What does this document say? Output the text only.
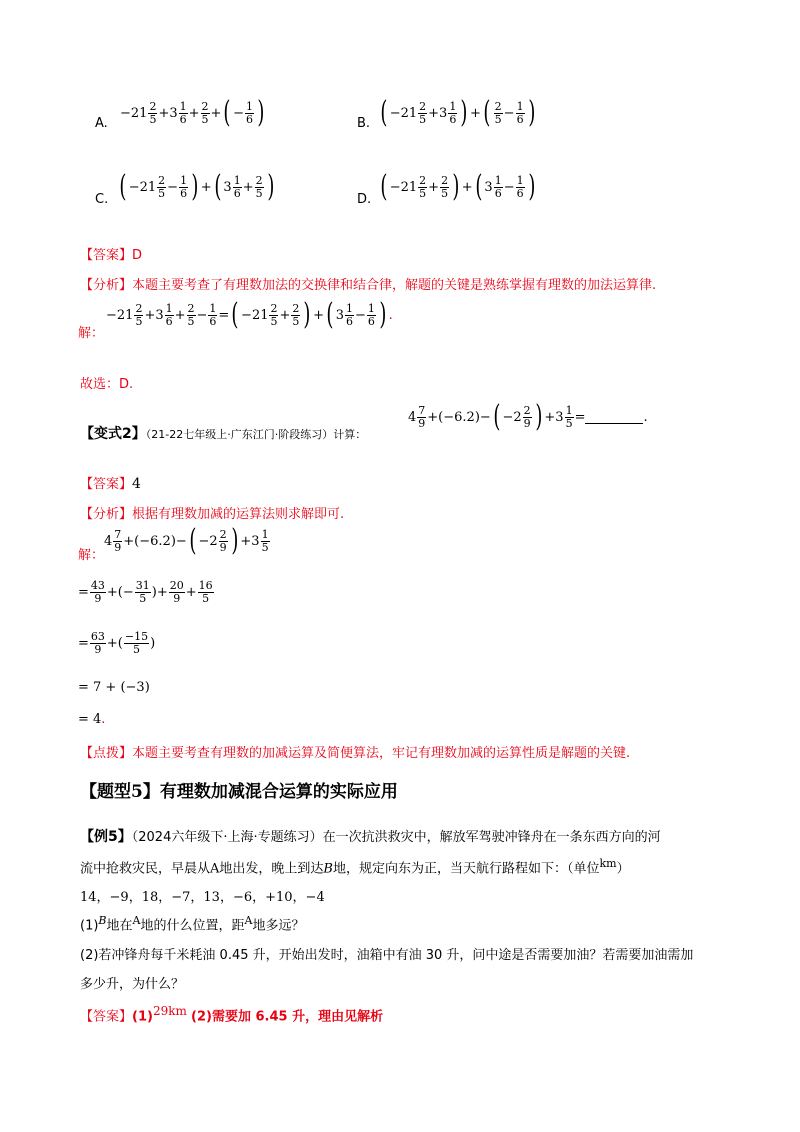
A.
$-21 \frac{2}{5} +3 \frac{1}{6} + \frac{2}{5}$ + ( − $\frac{1}{6}$ )	B. ( $-21 \frac{2}{5} +3 \frac{1}{6}$ ) + ( $\frac{2}{5} - \frac{1}{6}$ )
C. ( $-21 \frac{2}{5} - \frac{1}{6}$ ) + ( $3 \frac{1}{6} + \frac{2}{5}$ )	D. ( $-21 \frac{2}{5} + \frac{2}{5}$ ) + ( $3 \frac{1}{6} - \frac{1}{6}$ )
【答案】D
【分析】本题主要考查了有理数加法的交换律和结合律，解题的关键是熟练掌握有理数的加法运算律.
解：
$-21 \frac{2}{5} +3 \frac{1}{6} + \frac{2}{5} - \frac{1}{6}$ = ( $-21 \frac{2}{5} + \frac{2}{5}$ ) + ( $3 \frac{1}{6} - \frac{1}{6}$ ) .
故选：D.
【变式2】（21-22七年级上·广东江门·阶段练习）计算：
$4 \frac{7}{9} +(-6.2)-$ ( $-2 \frac{2}{9}$ ) $+3 \frac{1}{5}$ =	.
【答案】4
【分析】根据有理数加减的运算法则求解即可.
解：
$4 \frac{7}{9} +(-6.2)-$ ( $-2 \frac{2}{9}$ ) $+3 \frac{1}{5}$
= $\frac{43}{9}$ +(− $\frac{31}{5}$ )+ $\frac{20}{9} + \frac{16}{5}$
= $\frac{63}{9}$ +( $\frac{-15}{5}$ )
= 7 + (−3)
= 4.
【点拨】本题主要考查有理数的加减运算及简便算法，牢记有理数加减的运算性质是解题的关键.
【题型5】有理数加减混合运算的实际应用
【例5】（2024六年级下·上海·专题练习）在一次抗洪救灾中，解放军驾驶冲锋舟在一条东西方向的河
流中抢救灾民，早晨从A地出发，晚上到达B地，规定向东为正，当天航行路程如下：（单位$^{km}$）
14，−9，18，−7，13，−6，+10，−4
$(1)^B$地在$^A$地的什么位置，距$^A$地多远？
(2)若冲锋舟每千米耗油 0.45 升，开始出发时，油箱中有油 30 升，问中途是否需要加油？若需要加油需加
多少升，为什么？
【答案】$(1)^{29km}$ (2)需要加 6.45 升，理由见解析
